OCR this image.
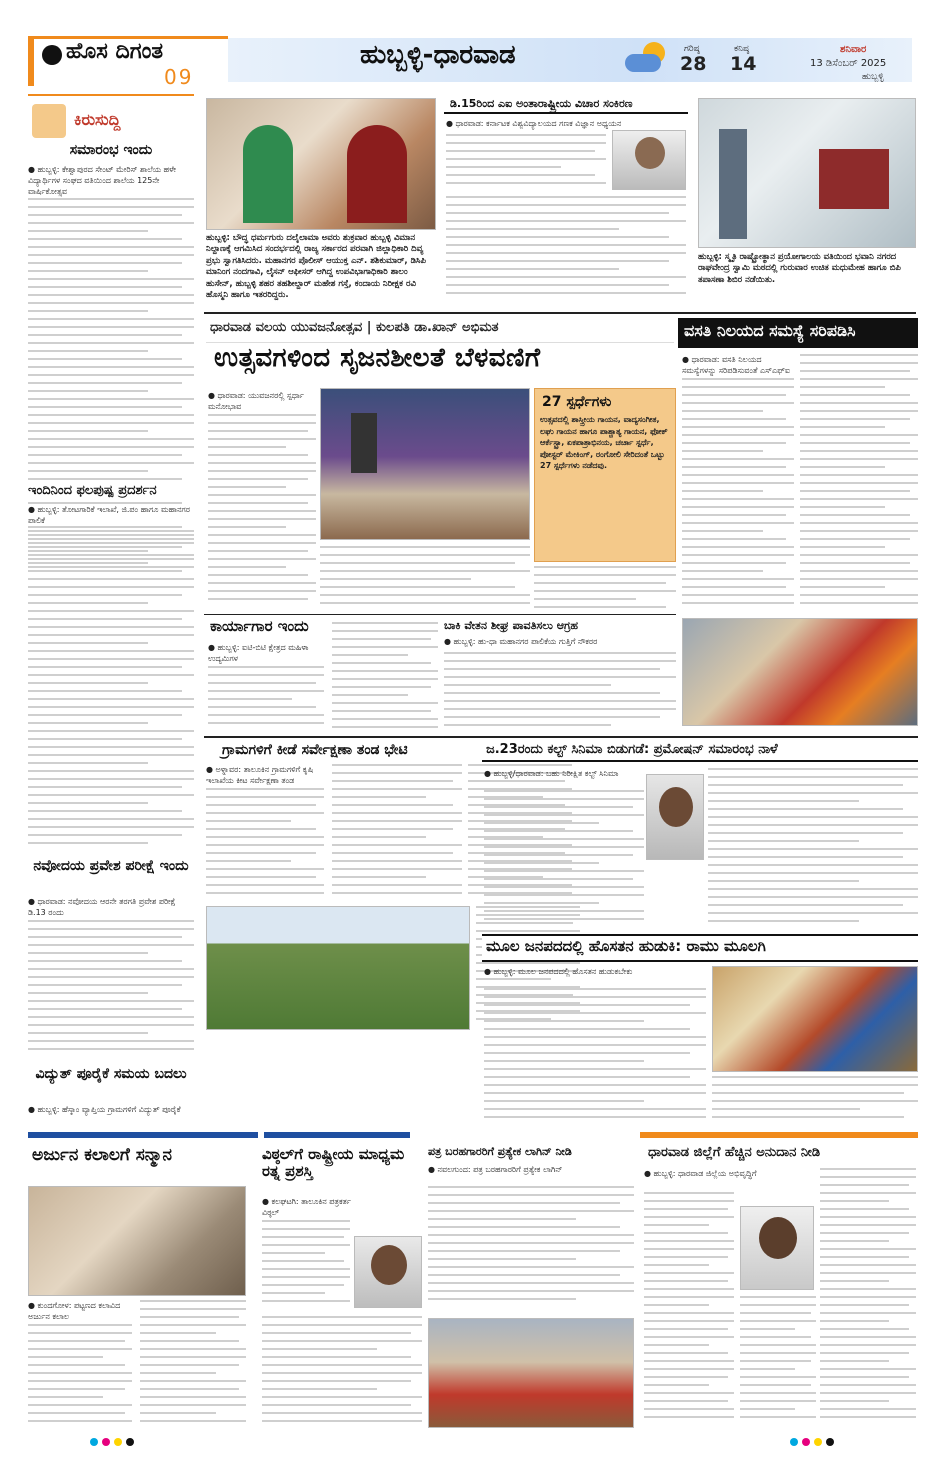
ಹೊಸ ದಿಗಂತ
09
ಹುಬ್ಬಳ್ಳಿ-ಧಾರವಾಡ	ಗರಿಷ್ಠ
28
ಕನಿಷ್ಠ
14
ಶನಿವಾರ
13 ಡಿಸೆಂಬರ್ 2025
ಹುಬ್ಬಳ್ಳಿ
ಕಿರುಸುದ್ದಿ
ಸಮಾರಂಭ ಇಂದು
● ಹುಬ್ಬಳ್ಳಿ: ಕೇಶ್ವಾಪುರದ ಸೇಂಟ್ ಮೇರಿಸ್ ಶಾಲೆಯ ಹಳೇ ವಿದ್ಯಾರ್ಥಿಗಳ ಸಂಘದ ವತಿಯಿಂದ ಶಾಲೆಯ 125ನೇ ವಾರ್ಷಿಕೋತ್ಸವ
ಇಂದಿನಿಂದ ಫಲಪುಷ್ಪ ಪ್ರದರ್ಶನ
● ಹುಬ್ಬಳ್ಳಿ: ತೋಟಗಾರಿಕೆ ಇಲಾಖೆ, ಜಿ.ಪಂ ಹಾಗೂ ಮಹಾನಗರ ಪಾಲಿಕೆ
ನವೋದಯ ಪ್ರವೇಶ ಪರೀಕ್ಷೆ ಇಂದು
● ಧಾರವಾಡ: ನವೋದಯ ಆರನೇ ತರಗತಿ ಪ್ರವೇಶ ಪರೀಕ್ಷೆ ಡಿ.13 ರಂದು
ವಿದ್ಯುತ್ ಪೂರೈಕೆ ಸಮಯ ಬದಲು
● ಹುಬ್ಬಳ್ಳಿ: ಹೆಸ್ಕಾಂ ವ್ಯಾಪ್ತಿಯ ಗ್ರಾಮಗಳಿಗೆ ವಿದ್ಯುತ್ ಪೂರೈಕೆ
ಹುಬ್ಬಳ್ಳಿ: ಬೌದ್ಧ ಧರ್ಮಗುರು ದಲೈಲಾಮಾ ಅವರು ಶುಕ್ರವಾರ ಹುಬ್ಬಳ್ಳಿ ವಿಮಾನ ನಿಲ್ದಾಣಕ್ಕೆ ಆಗಮಿಸಿದ ಸಂದರ್ಭದಲ್ಲಿ ರಾಜ್ಯ ಸರ್ಕಾರದ ಪರವಾಗಿ ಜಿಲ್ಲಾಧಿಕಾರಿ ದಿವ್ಯ ಪ್ರಭು ಸ್ವಾಗತಿಸಿದರು. ಮಹಾನಗರ ಪೊಲೀಸ್ ಆಯುಕ್ತ ಎನ್. ಶಶಿಕುಮಾರ್, ಡಿಸಿಪಿ ಮಾನಿಂಗ ನಂದಗಾವಿ, ಲೈಸನ್ ಆಫೀಸರ್ ಆಗಿದ್ದ ಉಪವಿಭಾಗಾಧಿಕಾರಿ ಶಾಲಂ ಹುಸೇನ್, ಹುಬ್ಬಳ್ಳಿ ಶಹರ ತಹಶೀಲ್ದಾರ್ ಮಹೇಶ ಗಸ್ತೆ, ಕಂದಾಯ ನಿರೀಕ್ಷಕ ರವಿ ಹೊಸ್ಮನಿ ಹಾಗೂ ಇತರರಿದ್ದರು.
ಡಿ.15ರಿಂದ ಎಐ ಅಂತಾರಾಷ್ಟ್ರೀಯ ವಿಚಾರ ಸಂಕಿರಣ
● ಧಾರವಾಡ: ಕರ್ನಾಟಕ ವಿಶ್ವವಿದ್ಯಾಲಯದ ಗಣಕ ವಿಜ್ಞಾನ ಅಧ್ಯಯನ
ಹುಬ್ಬಳ್ಳಿ: ಸ್ಮೃತಿ ರಾಷ್ಟ್ರೋತ್ಥಾನ ಪ್ರಯೋಗಾಲಯ ವತಿಯಿಂದ ಭವಾನಿ ನಗರದ ರಾಘವೇಂದ್ರ ಸ್ವಾಮಿ ಮಠದಲ್ಲಿ ಗುರುವಾರ ಉಚಿತ ಮಧುಮೇಹ ಹಾಗೂ ಬಿಪಿ ತಪಾಸಣಾ ಶಿಬಿರ ನಡೆಯಿತು.
ಧಾರವಾಡ ವಲಯ ಯುವಜನೋತ್ಸವ | ಕುಲಪತಿ ಡಾ.ಖಾನ್ ಅಭಿಮತ
ಉತ್ಸವಗಳಿಂದ ಸೃಜನಶೀಲತೆ ಬೆಳವಣಿಗೆ
● ಧಾರವಾಡ: ಯುವಜನರಲ್ಲಿ ಸ್ಪರ್ಧಾ ಮನೋಭಾವ	27 ಸ್ಪರ್ಧೆಗಳು
ಉತ್ಸವದಲ್ಲಿ ಶಾಸ್ತ್ರೀಯ ಗಾಯನ, ವಾದ್ಯಸಂಗೀತ, ಲಘು ಗಾಯನ ಹಾಗೂ ಪಾಶ್ಚಾತ್ಯ ಗಾಯನ, ಫೋಕ್ ಆರ್ಕೆಸ್ಟ್ರಾ, ಏಕಪಾತ್ರಾಭಿನಯ, ಚರ್ಚಾ ಸ್ಪರ್ಧೆ, ಪೋಸ್ಟರ್ ಮೇಕಿಂಗ್, ರಂಗೋಲಿ ಸೇರಿದಂತೆ ಒಟ್ಟು 27 ಸ್ಪರ್ಧೆಗಳು ನಡೆದವು.
ವಸತಿ ನಿಲಯದ ಸಮಸ್ಯೆ ಸರಿಪಡಿಸಿ
● ಧಾರವಾಡ: ವಸತಿ ನಿಲಯದ ಸಮಸ್ಯೆಗಳನ್ನು ಸರಿಪಡಿಸುವಂತೆ ಎಸ್ಎಫ್ಐ
ಕಾರ್ಯಾಗಾರ ಇಂದು
● ಹುಬ್ಬಳ್ಳಿ: ಐಟಿ-ಬಿಟಿ ಕ್ಷೇತ್ರದ ಮಹಿಳಾ ಉದ್ಯಮಿಗಳ
ಬಾಕಿ ವೇತನ ಶೀಘ್ರ ಪಾವತಿಸಲು ಆಗ್ರಹ
● ಹುಬ್ಬಳ್ಳಿ: ಹು-ಧಾ ಮಹಾನಗರ ಪಾಲಿಕೆಯ ಗುತ್ತಿಗೆ ನೌಕರರ
ಗ್ರಾಮಗಳಿಗೆ ಕೀಡೆ ಸರ್ವೇಕ್ಷಣಾ ತಂಡ ಭೇಟಿ
● ಅಳ್ನಾವರ: ತಾಲೂಕಿನ ಗ್ರಾಮಗಳಿಗೆ ಕೃಷಿ ಇಲಾಖೆಯ ಕೀಟ ಸರ್ವೇಕ್ಷಣಾ ತಂಡ
ಜ.23ರಂದು ಕಲ್ಟ್ ಸಿನಿಮಾ ಬಿಡುಗಡೆ: ಪ್ರಮೋಷನ್ ಸಮಾರಂಭ ನಾಳೆ
● ಹುಬ್ಬಳ್ಳಿ/ಧಾರವಾಡ: ಬಹು ನಿರೀಕ್ಷಿತ ಕಲ್ಟ್ ಸಿನಿಮಾ
ಮೂಲ ಜನಪದದಲ್ಲಿ ಹೊಸತನ ಹುಡುಕಿ: ರಾಮು ಮೂಲಗಿ
● ಹುಬ್ಬಳ್ಳಿ: ಮೂಲ ಜನಪದದಲ್ಲಿ ಹೊಸತನ ಹುಡುಕಬೇಕು
ಅರ್ಜುನ ಕಲಾಲಗೆ ಸನ್ಮಾನ
● ಕುಂದಗೋಳ: ಪಟ್ಟಣದ ಕಲಾವಿದ ಅರ್ಜುನ ಕಲಾಲ
ವಿಠ್ಠಲ್‌ಗೆ ರಾಷ್ಟ್ರೀಯ ಮಾಧ್ಯಮ ರತ್ನ ಪ್ರಶಸ್ತಿ
● ಕಲಘಟಗಿ: ತಾಲೂಕಿನ ಪತ್ರಕರ್ತ ವಿಠ್ಠಲ್
ಪತ್ರ ಬರಹಗಾರರಿಗೆ ಪ್ರತ್ಯೇಕ ಲಾಗಿನ್ ನೀಡಿ
● ನವಲಗುಂದ: ಪತ್ರ ಬರಹಗಾರರಿಗೆ ಪ್ರತ್ಯೇಕ ಲಾಗಿನ್
ಧಾರವಾಡ ಜಿಲ್ಲೆಗೆ ಹೆಚ್ಚಿನ ಅನುದಾನ ನೀಡಿ
● ಹುಬ್ಬಳ್ಳಿ: ಧಾರವಾಡ ಜಿಲ್ಲೆಯ ಅಭಿವೃದ್ಧಿಗೆ
